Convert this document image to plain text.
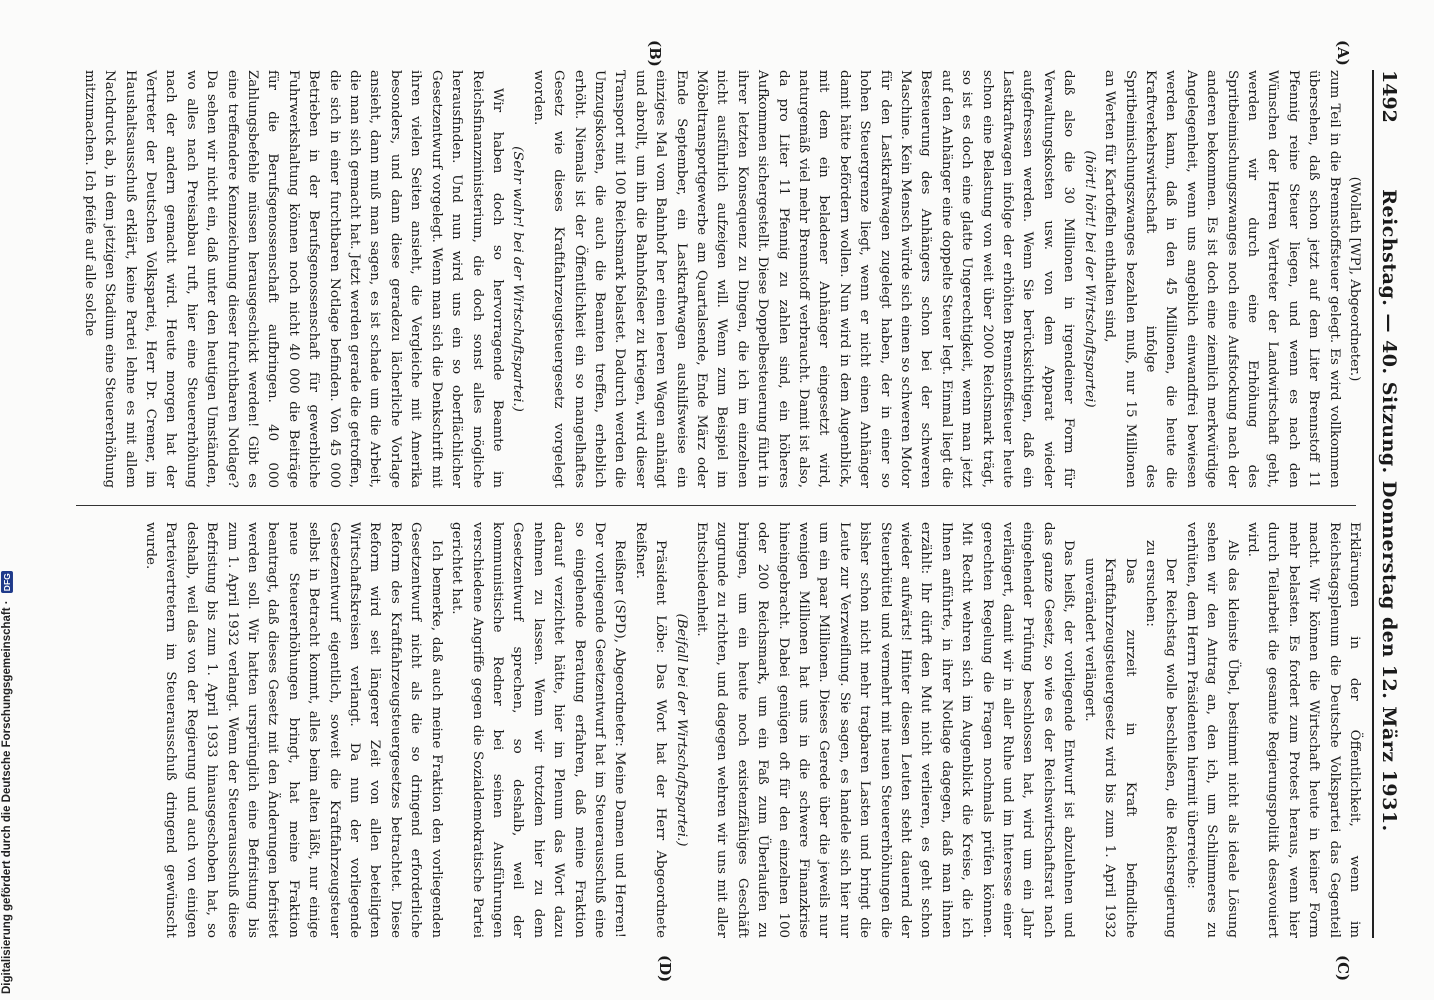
1492
Reichstag. — 40. Sitzung. Donnerstag den 12. März 1931.
(A)
(B)
(C)
(D)

(Wollath [WP], Abgeordneter.)

zum Teil in die Brennstoffsteuer gelegt. Es wird vollkommen übersehen, daß schon jetzt auf dem Liter Brennstoff 11 Pfennig reine Steuer liegen, und wenn es nach den Wünschen der Herren Vertreter der Landwirtschaft geht, werden wir durch eine Erhöhung des Spritbeimischungszwanges noch eine Aufstockung nach der anderen bekommen. Es ist doch eine ziemlich merkwürdige Angelegenheit, wenn uns angeblich einwandfrei bewiesen werden kann, daß in den 45 Millionen, die heute die Kraftverkehrswirtschaft infolge des Spritbeimischungszwanges bezahlen muß, nur 15 Millionen an Werten für Kartoffeln enthalten sind,

(hört! hört! bei der Wirtschaftspartei)

daß also die 30 Millionen in irgendeiner Form für Verwaltungskosten usw. von dem Apparat wieder aufgefressen werden. Wenn Sie berücksichtigen, daß ein Lastkraftwagen infolge der erhöhten Brennstoffsteuer heute schon eine Belastung von weit über 2000 Reichsmark trägt, so ist es doch eine glatte Ungerechtigkeit, wenn man jetzt auf den Anhänger eine doppelte Steuer legt. Einmal liegt die Besteuerung des Anhängers schon bei der schweren Maschine. Kein Mensch würde sich einen so schweren Motor für den Lastkraftwagen zugelegt haben, der in einer so hohen Steuergrenze liegt, wenn er nicht einen Anhänger damit hätte befördern wollen. Nun wird in dem Augenblick, mit dem ein beladener Anhänger eingesetzt wird, naturgemäß viel mehr Brennstoff verbraucht. Damit ist also, da pro Liter 11 Pfennig zu zahlen sind, ein höheres Aufkommen sichergestellt. Diese Doppelbesteuerung führt in ihrer letzten Konsequenz zu Dingen, die ich im einzelnen nicht ausführlich aufzeigen will. Wenn zum Beispiel im Möbeltransportgewerbe am Quartalsende, Ende März oder Ende September, ein Lastkraftwagen aushilfsweise ein einziges Mal vom Bahnhof her einen leeren Wagen anhängt und abrollt, um ihn die Bahnhofsleer zu kriegen, wird dieser Transport mit 100 Reichsmark belastet. Dadurch werden die Umzugskosten, die auch die Beamten treffen, erheblich erhöht. Niemals ist der Öffentlichkeit ein so mangelhaftes Gesetz wie dieses Kraftfahrzeugsteuergesetz vorgelegt worden.

(Sehr wahr! bei der Wirtschaftspartei.)

Wir haben doch so hervorragende Beamte im Reichsfinanzministerium, die doch sonst alles mögliche herausfinden. Und nun wird uns ein so oberflächlicher Gesetzentwurf vorgelegt. Wenn man sich die Denkschrift mit ihren vielen Seiten ansieht, die Vergleiche mit Amerika besonders, und dann diese geradezu lächerliche Vorlage ansieht, dann muß man sagen, es ist schade um die Arbeit, die man sich gemacht hat. Jetzt werden gerade die getroffen, die sich in einer furchtbaren Notlage befinden. Von 45 000 Betrieben in der Berufsgenossenschaft für gewerbliche Fuhrwerkshaltung können noch nicht 40 000 die Beiträge für die Berufsgenossenschaft aufbringen. 40 000 Zahlungsbefehle müssen herausgeschickt werden! Gibt es eine treffendere Kennzeichnung dieser furchtbaren Notlage? Da sehen wir nicht ein, daß unter den heutigen Umständen, wo alles nach Preisabbau ruft, hier eine Steuererhöhung nach der andern gemacht wird. Heute morgen hat der Vertreter der Deutschen Volkspartei, Herr Dr. Cremer, im Haushaltsausschuß erklärt, keine Partei lehne es mit allem Nachdruck ab, in dem jetzigen Stadium eine Steuererhöhung mitzumachen. Ich pfeife auf alle solche

Erklärungen in der Öffentlichkeit, wenn im Reichstagsplenum die Deutsche Volkspartei das Gegenteil macht. Wir können die Wirtschaft heute in keiner Form mehr belasten. Es fordert zum Protest heraus, wenn hier durch Teilarbeit die gesamte Regierungspolitik desavouiert wird.

Als das kleinste Übel, bestimmt nicht als ideale Lösung sehen wir den Antrag an, den ich, um Schlimmeres zu verhüten, dem Herrn Präsidenten hiermit überreiche:

Der Reichstag wolle beschließen, die Reichsregierung zu ersuchen:

Das zurzeit in Kraft befindliche Kraftfahrzeugsteuergesetz wird bis zum 1. April 1932 unverändert verlängert.

Das heißt, der vorliegende Entwurf ist abzulehnen und das ganze Gesetz, so wie es der Reichswirtschaftsrat nach eingehender Prüfung beschlossen hat, wird um ein Jahr verlängert, damit wir in aller Ruhe und im Interesse einer gerechten Regelung die Fragen nochmals prüfen können. Mit Recht wehren sich im Augenblick die Kreise, die ich Ihnen anführte, in ihrer Notlage dagegen, daß man ihnen erzählt: Ihr dürft den Mut nicht verlieren, es geht schon wieder aufwärts! Hinter diesen Leuten steht dauernd der Steuerbüttel und vermehrt mit neuen Steuererhöhungen die bisher schon nicht mehr tragbaren Lasten und bringt die Leute zur Verzweiflung. Sie sagen, es handele sich hier nur um ein paar Millionen. Dieses Gerede über die jeweils nur wenigen Millionen hat uns in die schwere Finanzkrise hineingebracht. Dabei genügen oft für den einzelnen 100 oder 200 Reichsmark, um ein Faß zum Überlaufen zu bringen, um ein heute noch existenzfähiges Geschäft zugrunde zu richten, und dagegen wehren wir uns mit aller Entschiedenheit.

(Beifall bei der Wirtschaftspartei.)

Präsident Löbe: Das Wort hat der Herr Abgeordnete Reißner.

Reißner (SPD), Abgeordneter: Meine Damen und Herren! Der vorliegende Gesetzentwurf hat im Steuerausschuß eine so eingehende Beratung erfahren, daß meine Fraktion darauf verzichtet hätte, hier im Plenum das Wort dazu nehmen zu lassen. Wenn wir trotzdem hier zu dem Gesetzentwurf sprechen, so deshalb, weil der kommunistische Redner bei seinen Ausführungen verschiedene Angriffe gegen die Sozialdemokratische Partei gerichtet hat.

Ich bemerke, daß auch meine Fraktion den vorliegenden Gesetzentwurf nicht als die so dringend erforderliche Reform des Kraftfahrzeugsteuergesetzes betrachtet. Diese Reform wird seit längerer Zeit von allen beteiligten Wirtschaftskreisen verlangt. Da nun der vorliegende Gesetzentwurf eigentlich, soweit die Kraftfahrzeugsteuer selbst in Betracht kommt, alles beim alten läßt, nur einige neue Steuererhöhungen bringt, hat meine Fraktion beantragt, daß dieses Gesetz mit den Änderungen befristet werden soll. Wir hatten ursprünglich eine Befristung bis zum 1. April 1932 verlangt. Wenn der Steuerausschuß diese Befristung bis zum 1. April 1933 hinausgeschoben hat, so deshalb, weil das von der Regierung und auch von einigen Parteivertretern im Steuerausschuß dringend gewünscht wurde.

Digitalisierung gefördert durch die Deutsche Forschungsgemeinschaft · DFG
